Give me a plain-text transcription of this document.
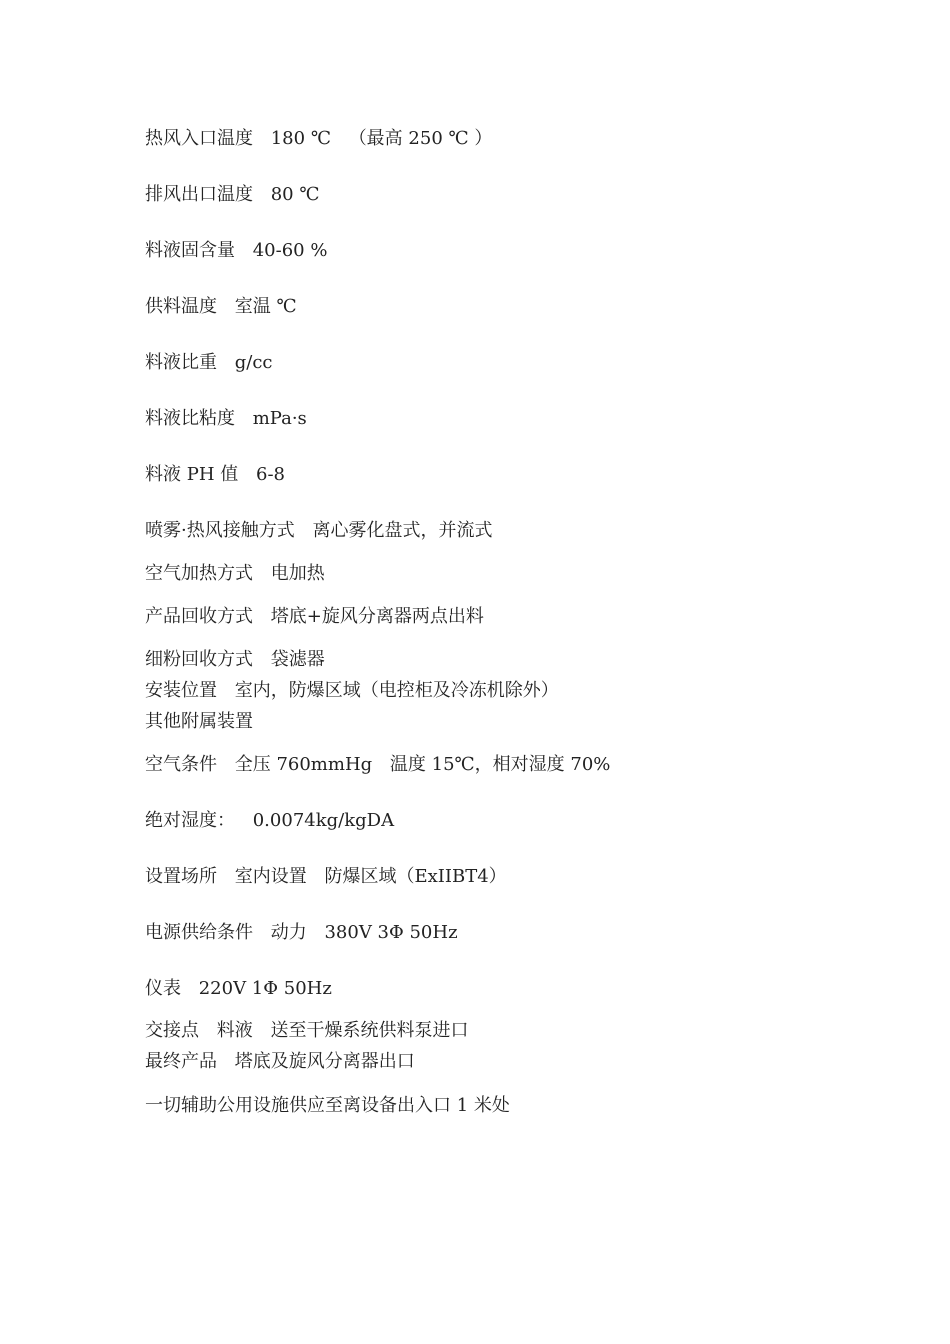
热风入口温度 180 ℃ （最高 250 ℃ ）
排风出口温度 80 ℃
料液固含量 40-60 %
供料温度 室温 ℃
料液比重 g/cc
料液比粘度 mPa·s
料液 PH 值 6-8
喷雾·热风接触方式 离心雾化盘式，并流式
空气加热方式 电加热
产品回收方式 塔底+旋风分离器两点出料
细粉回收方式 袋滤器
安装位置 室内，防爆区域（电控柜及冷冻机除外）
其他附属装置
空气条件 全压 760mmHg 温度 15℃，相对湿度 70%
绝对湿度： 0.0074kg/kgDA
设置场所 室内设置 防爆区域（ExIIBT4）
电源供给条件 动力 380V 3Φ 50Hz
仪表 220V 1Φ 50Hz
交接点 料液 送至干燥系统供料泵进口
最终产品 塔底及旋风分离器出口
一切辅助公用设施供应至离设备出入口 1 米处
